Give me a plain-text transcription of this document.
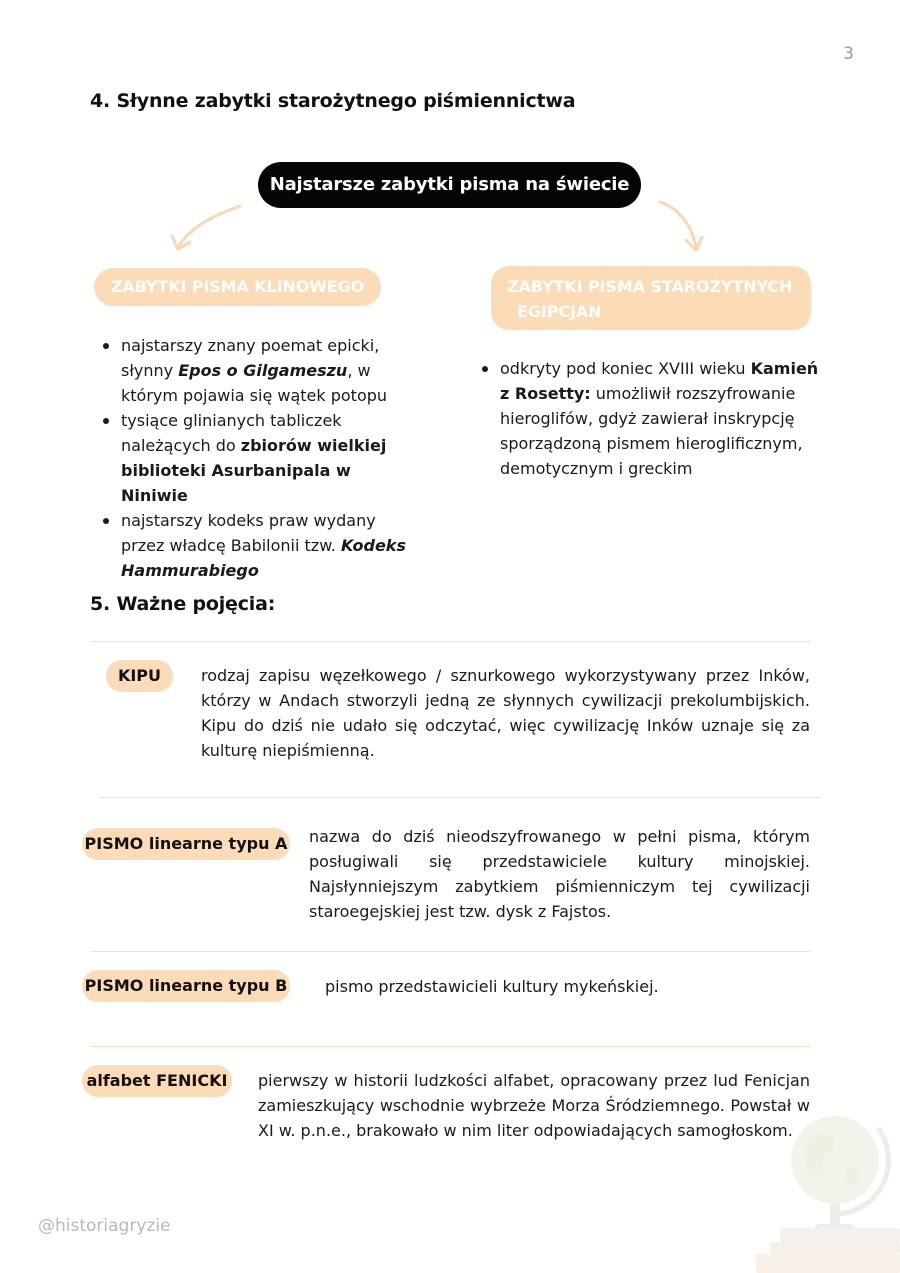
3
4. Słynne zabytki starożytnego piśmiennictwa
Najstarsze zabytki pisma na świecie
ZABYTKI PISMA KLINOWEGO	ZABYTKI PISMA STAROŻYTNYCH
EGIPCJAN
najstarszy znany poemat epicki, słynny Epos o Gilgameszu, w którym pojawia się wątek potopu
tysiące glinianych tabliczek należących do zbiorów wielkiej biblioteki Asurbanipala w Niniwie
najstarszy kodeks praw wydany przez władcę Babilonii tzw. Kodeks Hammurabiego
odkryty pod koniec XVIII wieku Kamień z Rosetty: umożliwił rozszyfrowanie hieroglifów, gdyż zawierał inskrypcję sporządzoną pismem hieroglificznym, demotycznym i greckim
5. Ważne pojęcia:
KIPU	rodzaj zapisu węzełkowego / sznurkowego wykorzystywany przez Inków, którzy w Andach stworzyli jedną ze słynnych cywilizacji prekolumbijskich. Kipu do dziś nie udało się odczytać, więc cywilizację Inków uznaje się za kulturę niepiśmienną.
PISMO linearne typu A nazwa do dziś nieodszyfrowanego w pełni pisma, którym posługiwali się przedstawiciele kultury minojskiej. Najsłynniejszym zabytkiem piśmienniczym tej cywilizacji staroegejskiej jest tzw. dysk z Fajstos.
PISMO linearne typu B pismo przedstawicieli kultury mykeńskiej.
alfabet FENICKI pierwszy w historii ludzkości alfabet, opracowany przez lud Fenicjan zamieszkujący wschodnie wybrzeże Morza Śródziemnego. Powstał w XI w. p.n.e., brakowało w nim liter odpowiadających samogłoskom.
@historiagryzie
